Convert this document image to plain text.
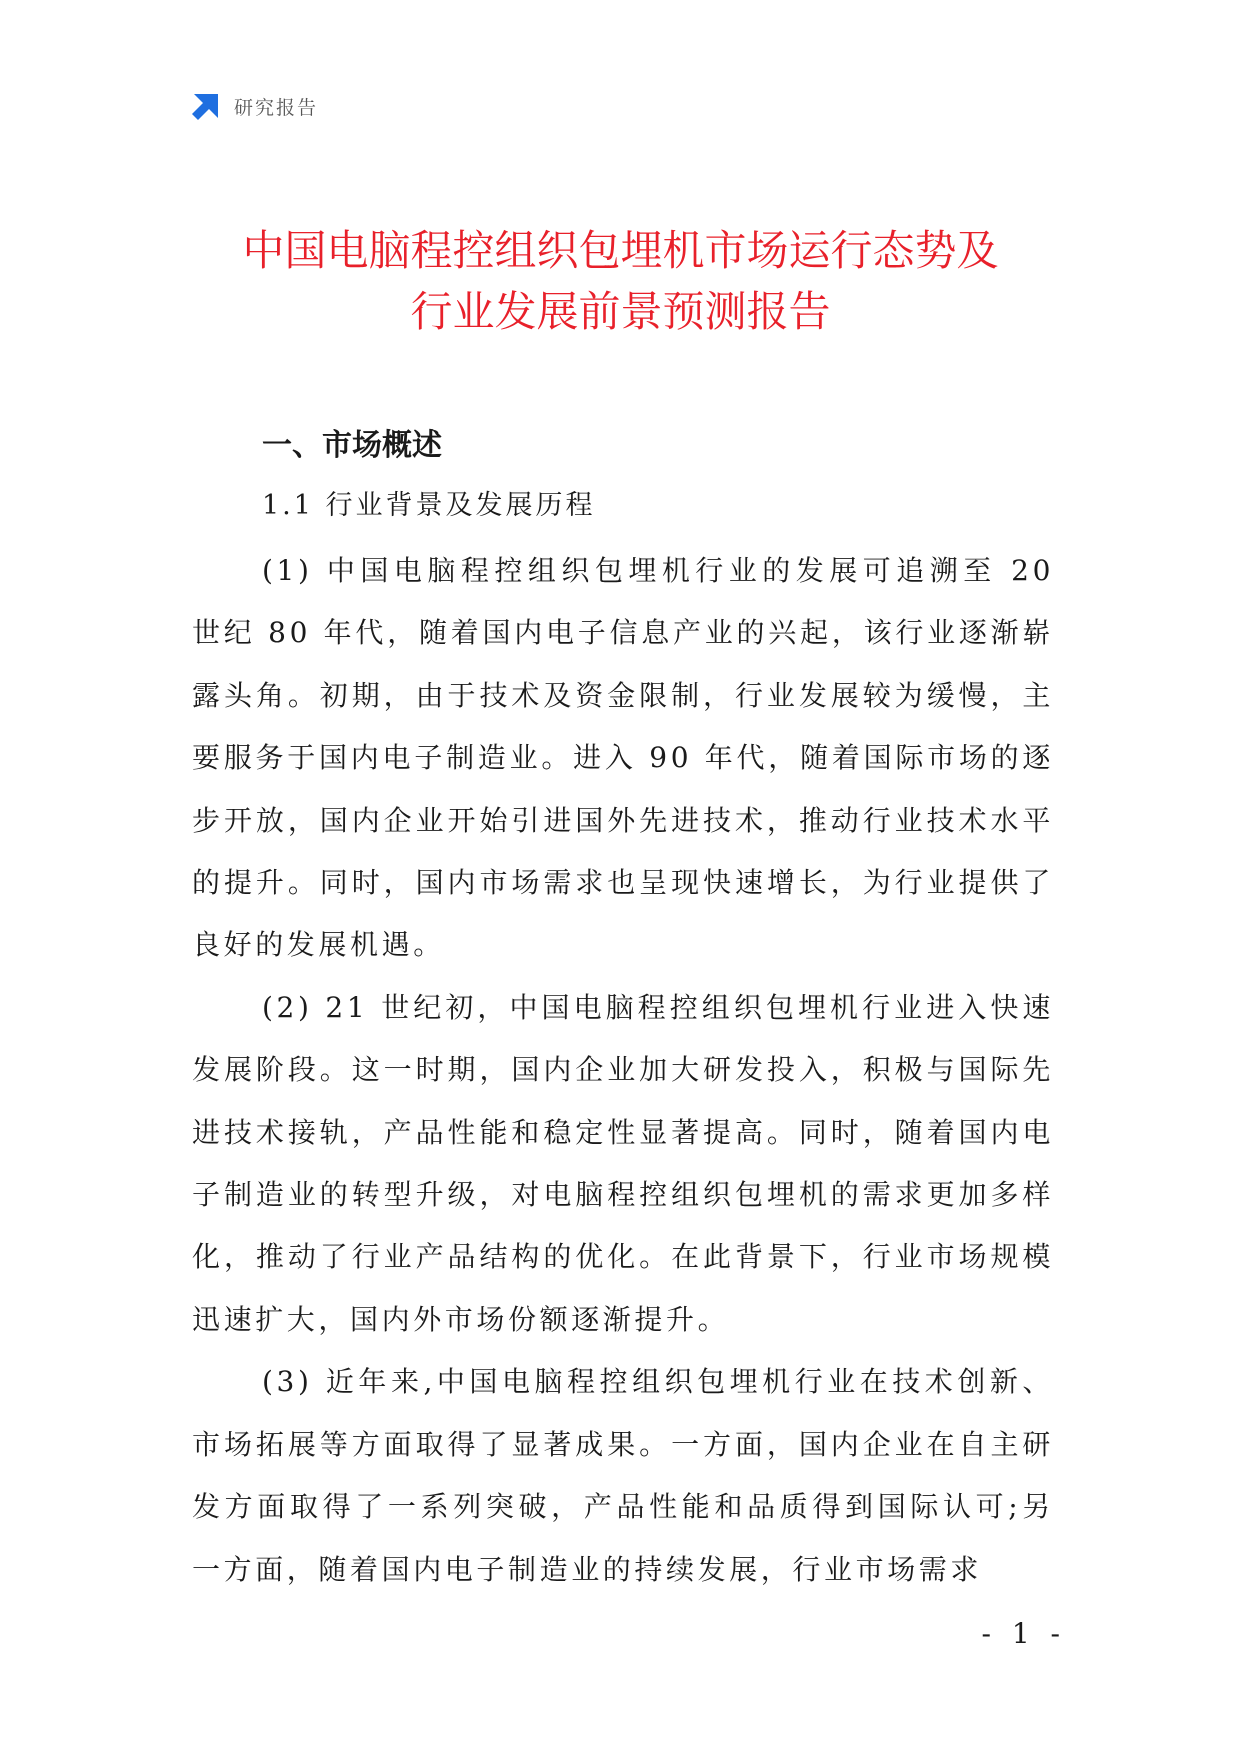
研究报告
中国电脑程控组织包埋机市场运行态势及
行业发展前景预测报告
一、市场概述
1.1 行业背景及发展历程

(1) 中国电脑程控组织包埋机行业的发展可追溯至 20 世纪 80 年代，随着国内电子信息产业的兴起，该行业逐渐崭露头角。初期，由于技术及资金限制，行业发展较为缓慢，主要服务于国内电子制造业。进入 90 年代，随着国际市场的逐步开放，国内企业开始引进国外先进技术，推动行业技术水平的提升。同时，国内市场需求也呈现快速增长，为行业提供了良好的发展机遇。

(2) 21 世纪初，中国电脑程控组织包埋机行业进入快速发展阶段。这一时期，国内企业加大研发投入，积极与国际先进技术接轨，产品性能和稳定性显著提高。同时，随着国内电子制造业的转型升级，对电脑程控组织包埋机的需求更加多样化，推动了行业产品结构的优化。在此背景下，行业市场规模迅速扩大，国内外市场份额逐渐提升。

(3) 近年来,中国电脑程控组织包埋机行业在技术创新、市场拓展等方面取得了显著成果。一方面，国内企业在自主研发方面取得了一系列突破，产品性能和品质得到国际认可;另一方面，随着国内电子制造业的持续发展，行业市场需求

- 1 -
